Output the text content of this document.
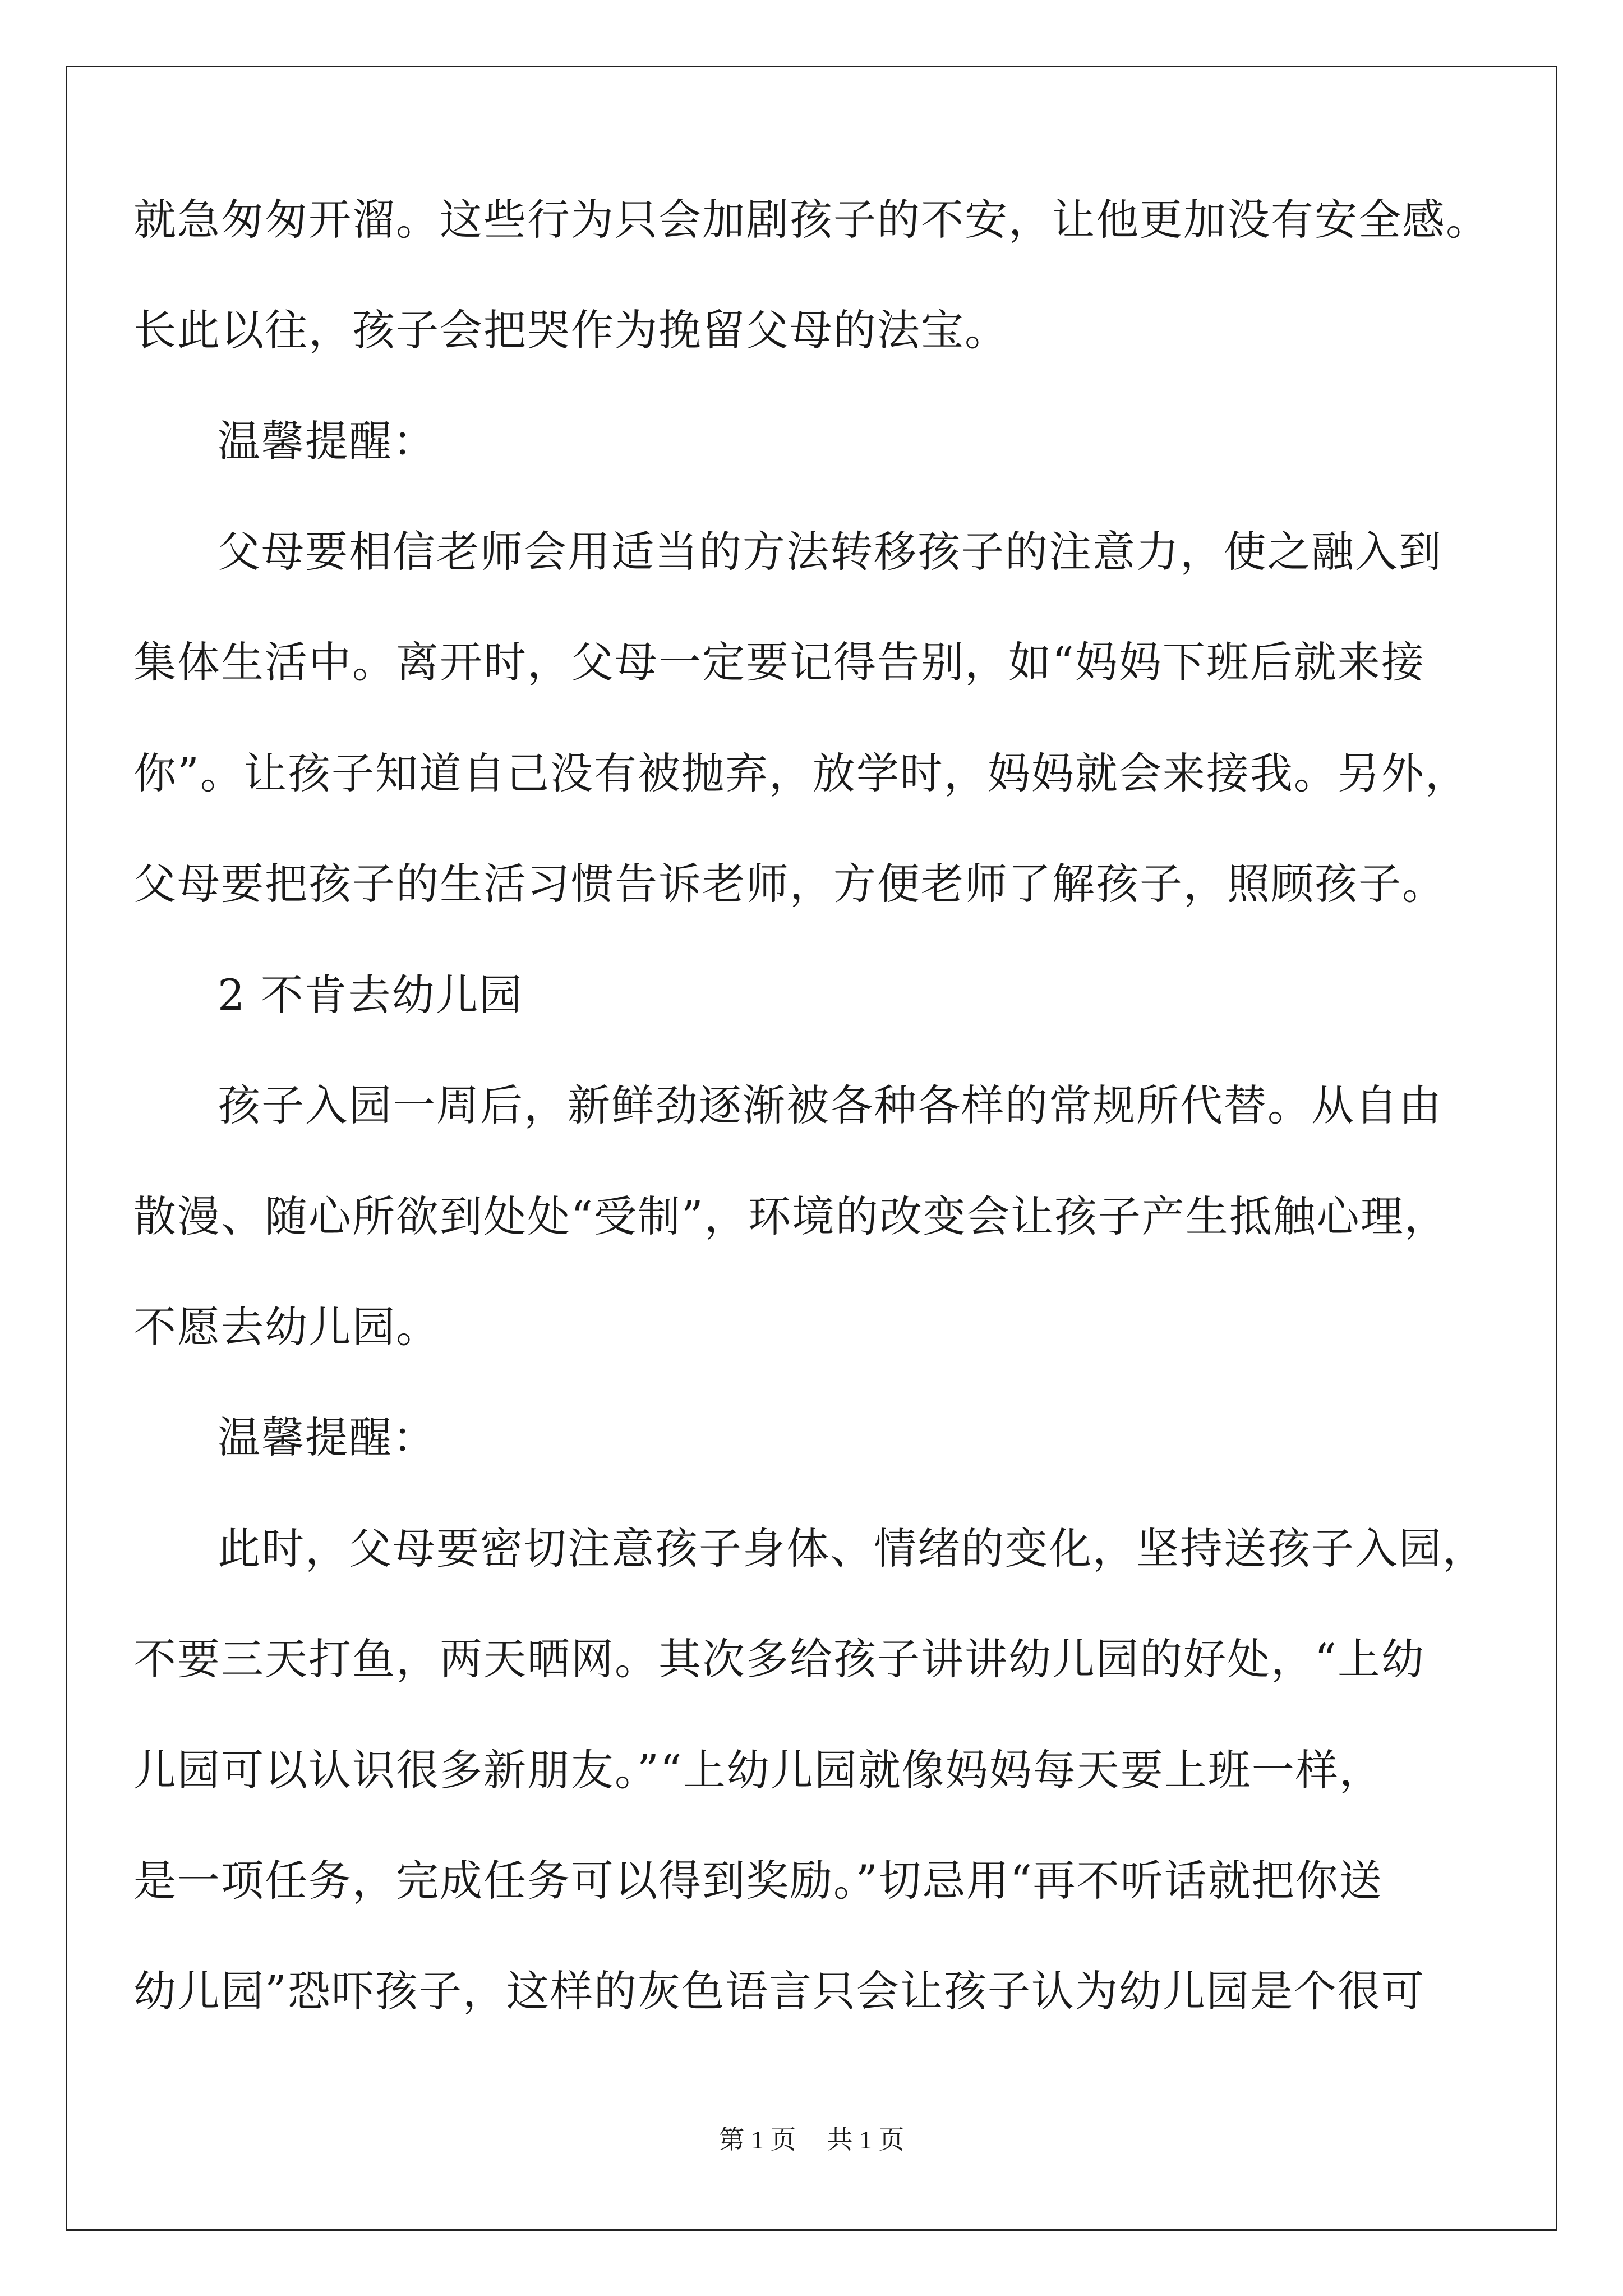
就急匆匆开溜。这些行为只会加剧孩子的不安，让他更加没有安全感。
长此以往，孩子会把哭作为挽留父母的法宝。
温馨提醒：
父母要相信老师会用适当的方法转移孩子的注意力，使之融入到
集体生活中。离开时，父母一定要记得告别，如“妈妈下班后就来接
你”。让孩子知道自己没有被抛弃，放学时，妈妈就会来接我。另外，
父母要把孩子的生活习惯告诉老师，方便老师了解孩子，照顾孩子。
2 不肯去幼儿园
孩子入园一周后，新鲜劲逐渐被各种各样的常规所代替。从自由
散漫、随心所欲到处处“受制”，环境的改变会让孩子产生抵触心理，
不愿去幼儿园。
温馨提醒：
此时，父母要密切注意孩子身体、情绪的变化，坚持送孩子入园，
不要三天打鱼，两天晒网。其次多给孩子讲讲幼儿园的好处，“上幼
儿园可以认识很多新朋友。”“上幼儿园就像妈妈每天要上班一样，
是一项任务，完成任务可以得到奖励。”切忌用“再不听话就把你送
幼儿园”恐吓孩子，这样的灰色语言只会让孩子认为幼儿园是个很可
第 1 页 共 1 页
